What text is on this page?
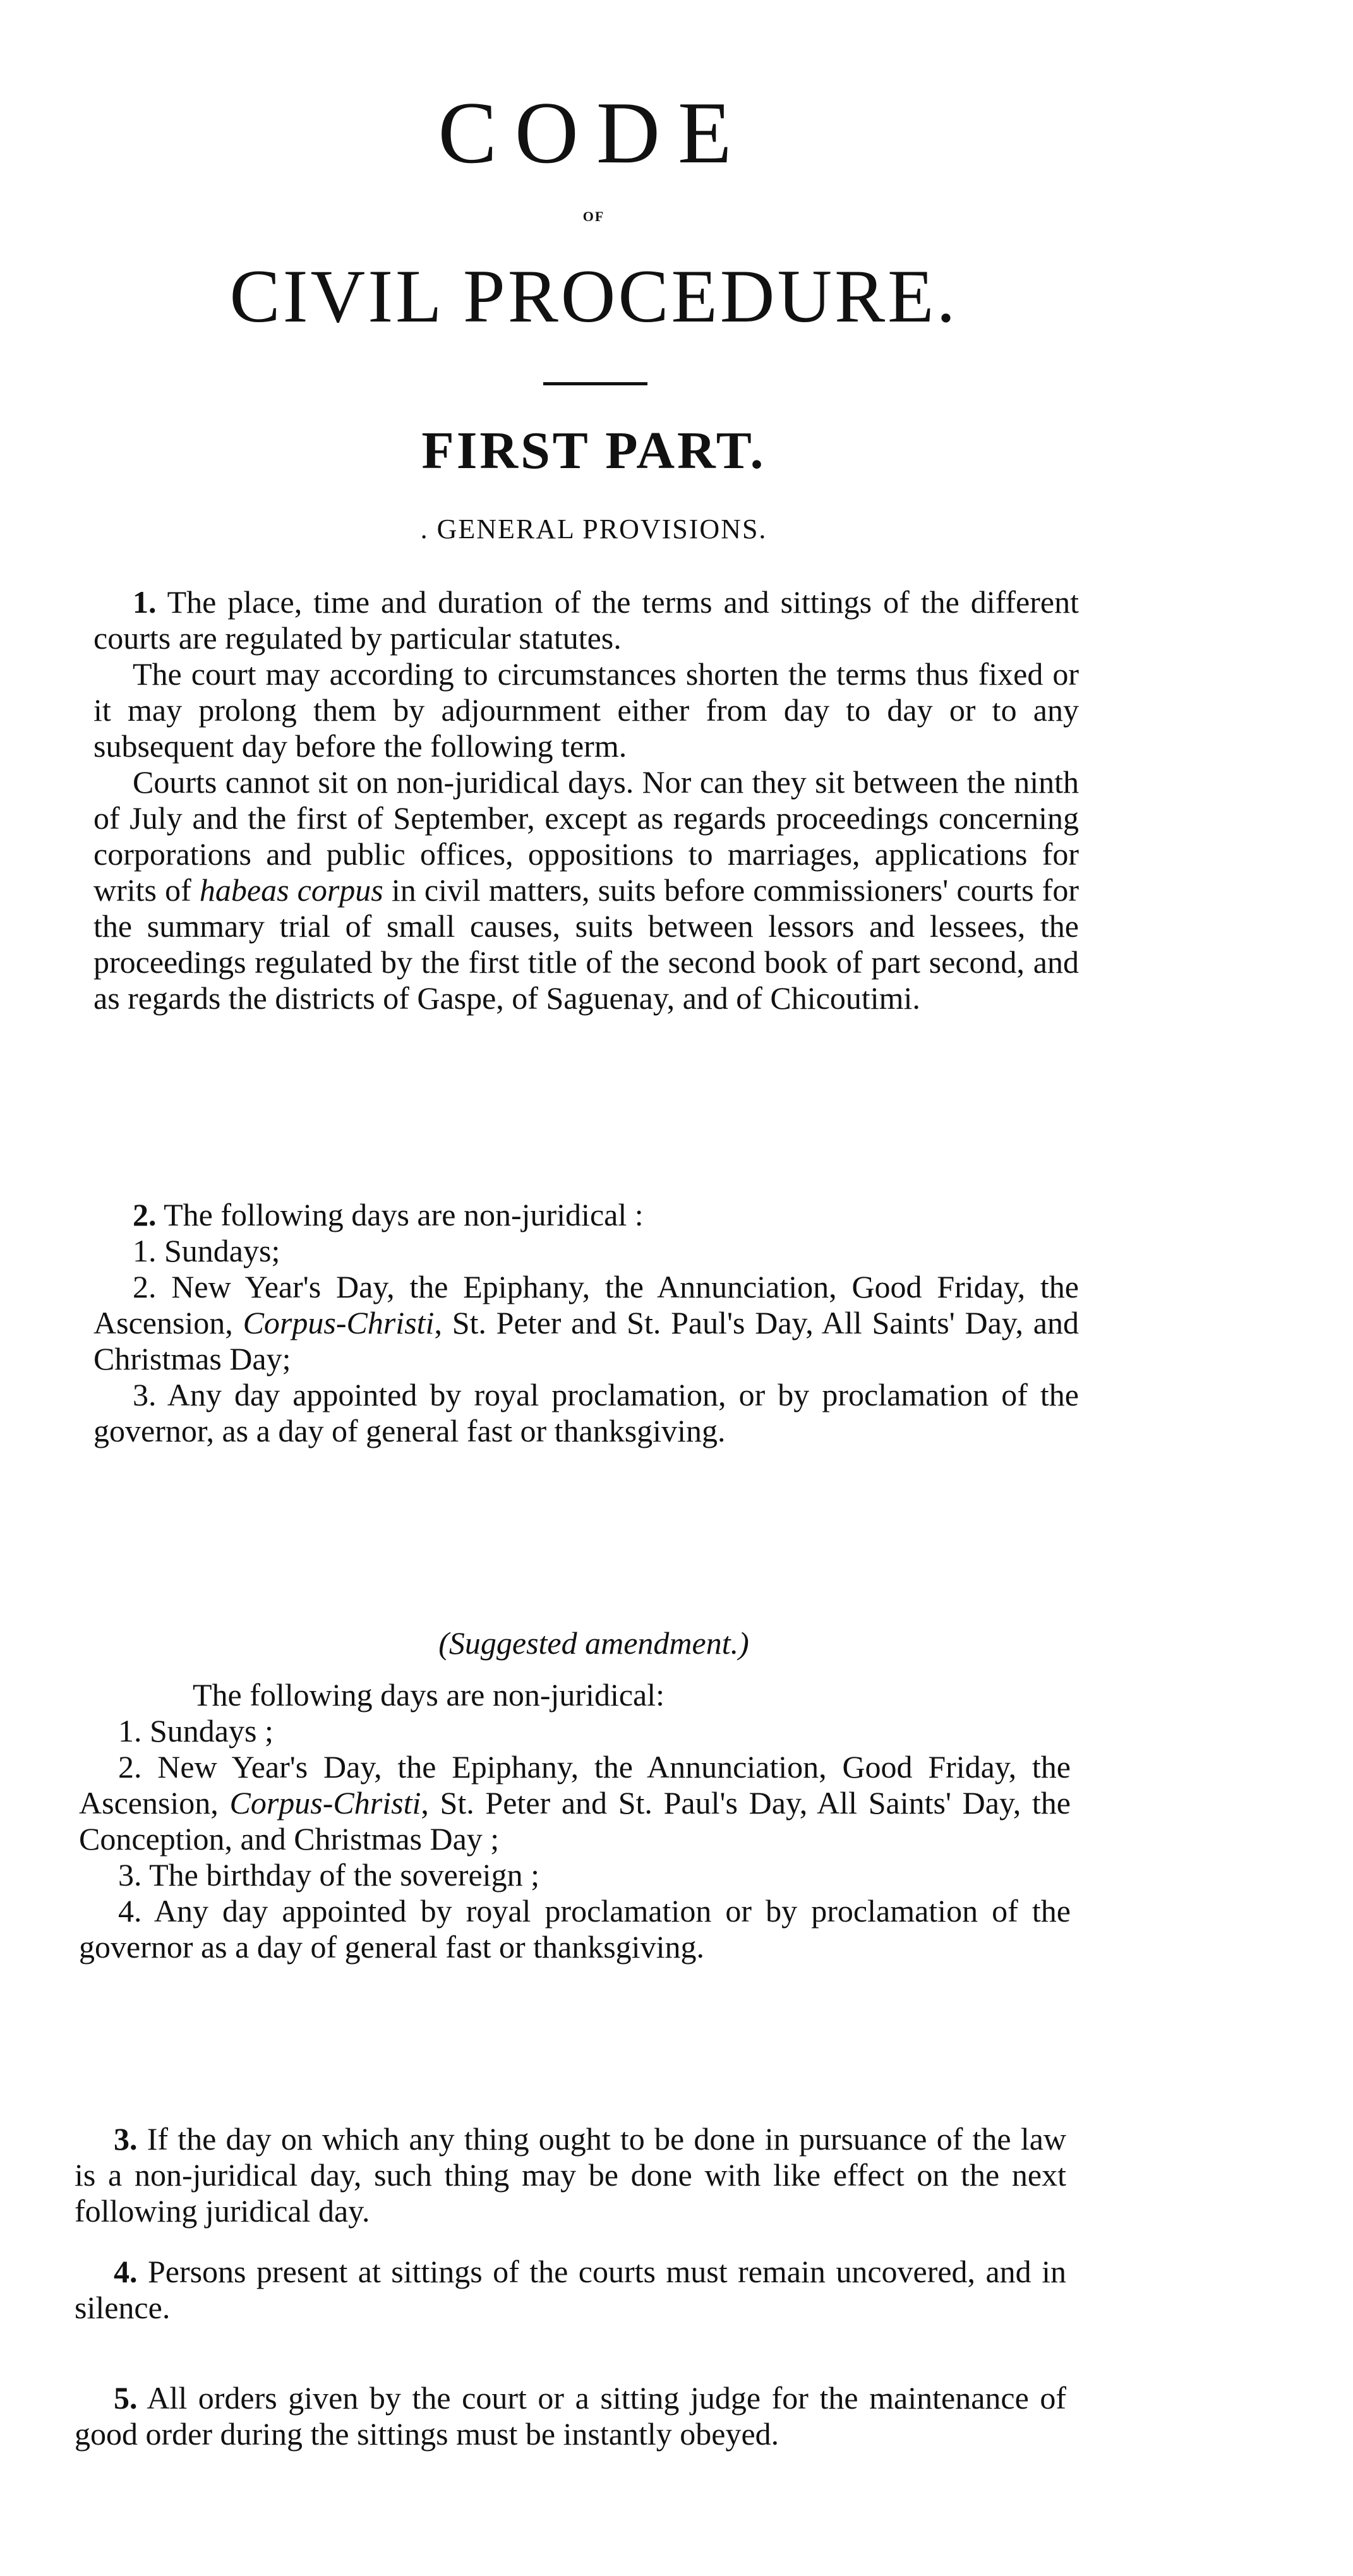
CODE
OF
CIVIL PROCEDURE.
FIRST PART.
. GENERAL PROVISIONS.

1. The place, time and duration of the terms and sittings of the different courts are regulated by particular statutes.

The court may according to circumstances shorten the terms thus fixed or it may prolong them by adjournment either from day to day or to any subsequent day before the following term.

Courts cannot sit on non-juridical days. Nor can they sit between the ninth of July and the first of September, except as regards proceedings concerning corporations and public offices, oppositions to marriages, applications for writs of habeas corpus in civil matters, suits before commissioners' courts for the summary trial of small causes, suits between lessors and lessees, the proceedings regulated by the first title of the second book of part second, and as regards the districts of Gaspe, of Saguenay, and of Chicoutimi.

2. The following days are non-juridical :

1. Sundays;

2. New Year's Day, the Epiphany, the Annunciation, Good Friday, the Ascension, Corpus-Christi, St. Peter and St. Paul's Day, All Saints' Day, and Christmas Day;

3. Any day appointed by royal proclamation, or by proclamation of the governor, as a day of general fast or thanksgiving.

(Suggested amendment.)

The following days are non-juridical:

1. Sundays ;

2. New Year's Day, the Epiphany, the Annunciation, Good Friday, the Ascension, Corpus-Christi, St. Peter and St. Paul's Day, All Saints' Day, the Conception, and Christmas Day ;

3. The birthday of the sovereign ;

4. Any day appointed by royal proclamation or by proclamation of the governor as a day of general fast or thanksgiving.

3. If the day on which any thing ought to be done in pursuance of the law is a non-juridical day, such thing may be done with like effect on the next following juridical day.

4. Persons present at sittings of the courts must remain uncovered, and in silence.

5. All orders given by the court or a sitting judge for the maintenance of good order during the sittings must be instantly obeyed.
